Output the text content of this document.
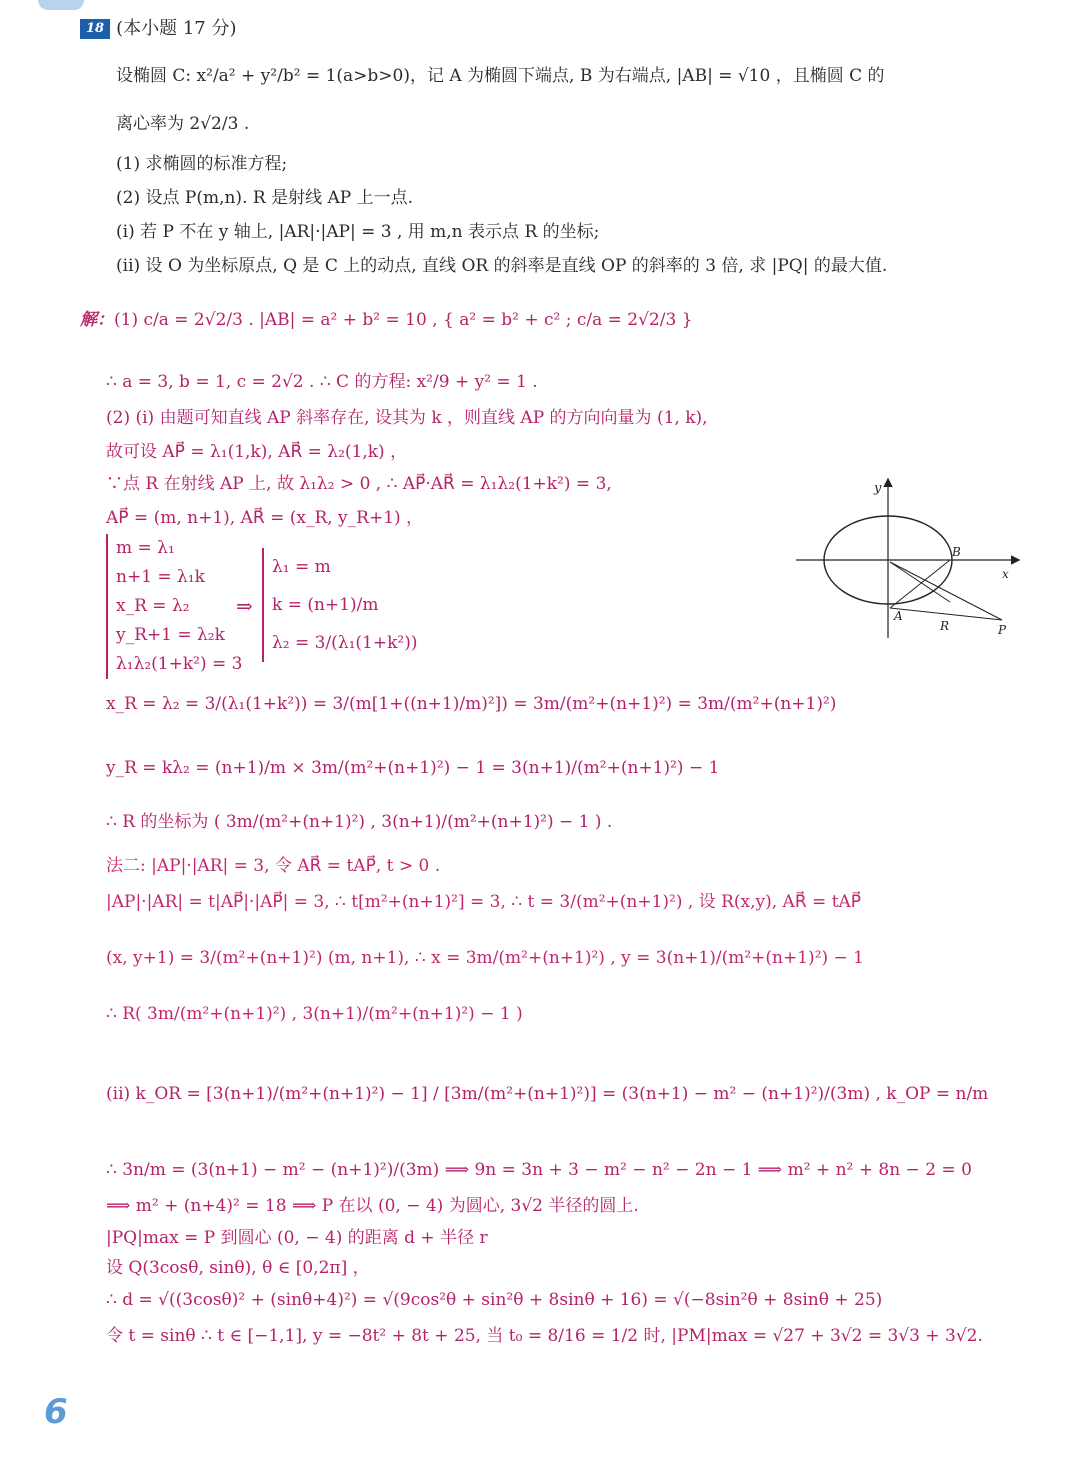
18 (本小题 17 分)
设椭圆 C: x²/a² + y²/b² = 1(a>b>0)，记 A 为椭圆下端点, B 为右端点, |AB| = √10 ，且椭圆 C 的
离心率为 2√2/3 .
(1) 求椭圆的标准方程;
(2) 设点 P(m,n). R 是射线 AP 上一点.
(i) 若 P 不在 y 轴上, |AR|·|AP| = 3 , 用 m,n 表示点 R 的坐标;
(ii) 设 O 为坐标原点, Q 是 C 上的动点, 直线 OR 的斜率是直线 OP 的斜率的 3 倍, 求 |PQ| 的最大值.
解：(1) c/a = 2√2/3 . |AB| = a² + b² = 10 , { a² = b² + c² ; c/a = 2√2/3 }
∴ a = 3, b = 1, c = 2√2 . ∴ C 的方程: x²/9 + y² = 1 .
(2) (i) 由题可知直线 AP 斜率存在, 设其为 k ，则直线 AP 的方向向量为 (1, k),
故可设 AP⃗ = λ₁(1,k), AR⃗ = λ₂(1,k) ，
∵点 R 在射线 AP 上, 故 λ₁λ₂ > 0 , ∴ AP⃗·AR⃗ = λ₁λ₂(1+k²) = 3,
AP⃗ = (m, n+1), AR⃗ = (x_R, y_R+1) ，
m = λ₁
n+1 = λ₁k
x_R = λ₂
y_R+1 = λ₂k
λ₁λ₂(1+k²) = 3
⇒
λ₁ = m
k = (n+1)/m
λ₂ = 3/(λ₁(1+k²))
x_R = λ₂ = 3/(λ₁(1+k²)) = 3/(m[1+((n+1)/m)²]) = 3m/(m²+(n+1)²) = 3m/(m²+(n+1)²)
y_R = kλ₂ = (n+1)/m × 3m/(m²+(n+1)²) − 1 = 3(n+1)/(m²+(n+1)²) − 1
∴ R 的坐标为 ( 3m/(m²+(n+1)²) , 3(n+1)/(m²+(n+1)²) − 1 ) .
法二: |AP|·|AR| = 3, 令 AR⃗ = tAP⃗, t > 0 .
|AP|·|AR| = t|AP⃗|·|AP⃗| = 3, ∴ t[m²+(n+1)²] = 3, ∴ t = 3/(m²+(n+1)²) , 设 R(x,y), AR⃗ = tAP⃗
(x, y+1) = 3/(m²+(n+1)²) (m, n+1), ∴ x = 3m/(m²+(n+1)²) , y = 3(n+1)/(m²+(n+1)²) − 1
∴ R( 3m/(m²+(n+1)²) , 3(n+1)/(m²+(n+1)²) − 1 )
(ii) k_OR = [3(n+1)/(m²+(n+1)²) − 1] / [3m/(m²+(n+1)²)] = (3(n+1) − m² − (n+1)²)/(3m) , k_OP = n/m
∴ 3n/m = (3(n+1) − m² − (n+1)²)/(3m) ⟹ 9n = 3n + 3 − m² − n² − 2n − 1 ⟹ m² + n² + 8n − 2 = 0
⟹ m² + (n+4)² = 18 ⟹ P 在以 (0, − 4) 为圆心, 3√2 半径的圆上.
|PQ|max = P 到圆心 (0, − 4) 的距离 d + 半径 r
设 Q(3cosθ, sinθ), θ ∈ [0,2π] ，
∴ d = √((3cosθ)² + (sinθ+4)²) = √(9cos²θ + sin²θ + 8sinθ + 16) = √(−8sin²θ + 8sinθ + 25)
令 t = sinθ ∴ t ∈ [−1,1], y = −8t² + 8t + 25, 当 t₀ = 8/16 = 1/2 时, |PM|max = √27 + 3√2 = 3√3 + 3√2.
y
x
B
A
R	P
6
